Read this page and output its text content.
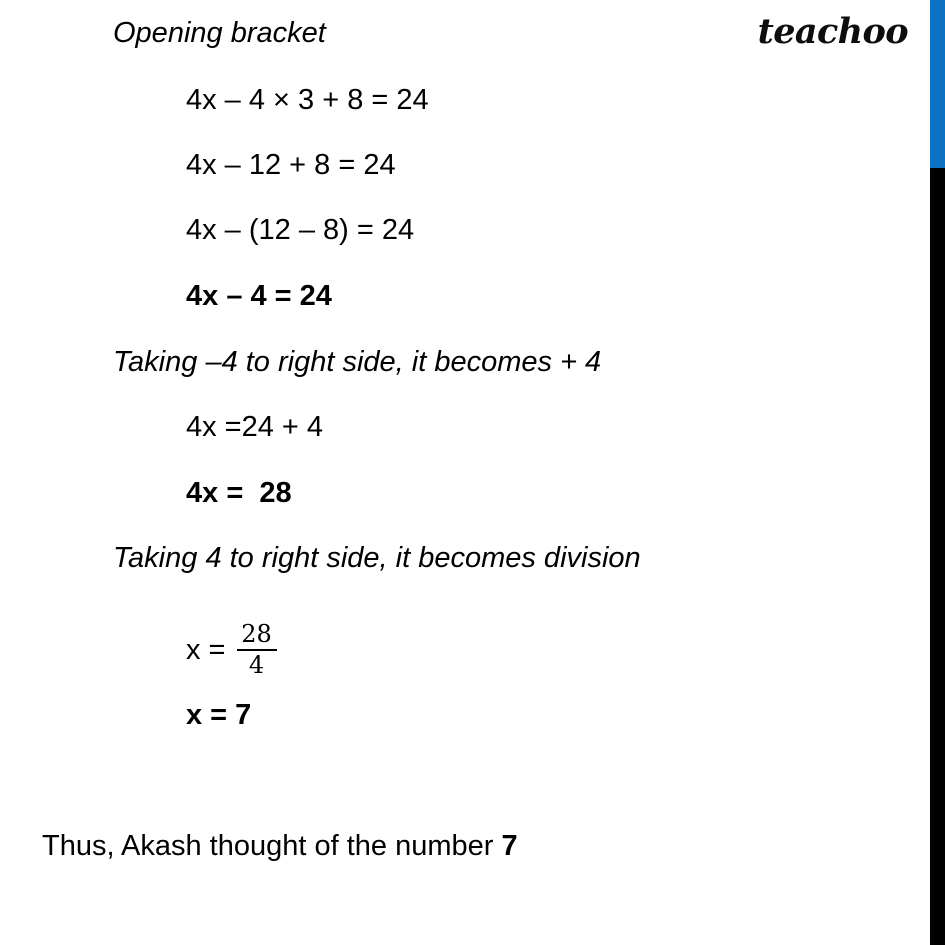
teachoo
Opening bracket
4x – 4 × 3 + 8 = 24
4x – 12 + 8 = 24
4x – (12 – 8) = 24
4x – 4 = 24
Taking –4 to right side, it becomes + 4
4x =24 + 4
4x =  28
Taking 4 to right side, it becomes division
$x = \frac{28}{4}$
x = 7
Thus, Akash thought of the number 7
